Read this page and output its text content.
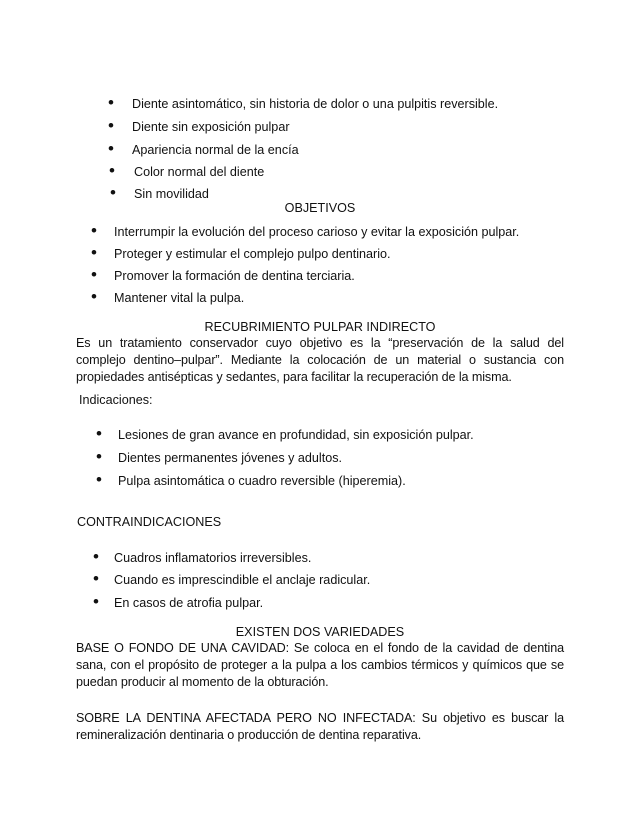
• Diente asintomático, sin historia de dolor o una pulpitis reversible.
• Diente sin exposición pulpar
• Apariencia normal de la encía
• Color normal del diente
• Sin movilidad
OBJETIVOS
• Interrumpir la evolución del proceso carioso y evitar la exposición pulpar.
• Proteger y estimular el complejo pulpo dentinario.
• Promover la formación de dentina terciaria.
• Mantener vital la pulpa.
RECUBRIMIENTO PULPAR INDIRECTO

Es un tratamiento conservador cuyo objetivo es la “preservación de la salud del complejo dentino–pulpar”. Mediante la colocación de un material o sustancia con propiedades antisépticas y sedantes, para facilitar la recuperación de la misma.

Indicaciones:
• Lesiones de gran avance en profundidad, sin exposición pulpar.
• Dientes permanentes jóvenes y adultos.
• Pulpa asintomática o cuadro reversible (hiperemia).
CONTRAINDICACIONES
• Cuadros inflamatorios irreversibles.
• Cuando es imprescindible el anclaje radicular.
• En casos de atrofia pulpar.
EXISTEN DOS VARIEDADES

BASE O FONDO DE UNA CAVIDAD: Se coloca en el fondo de la cavidad de dentina sana, con el propósito de proteger a la pulpa a los cambios térmicos y químicos que se puedan producir al momento de la obturación.

SOBRE LA DENTINA AFECTADA PERO NO INFECTADA: Su objetivo es buscar la remineralización dentinaria o producción de dentina reparativa.
